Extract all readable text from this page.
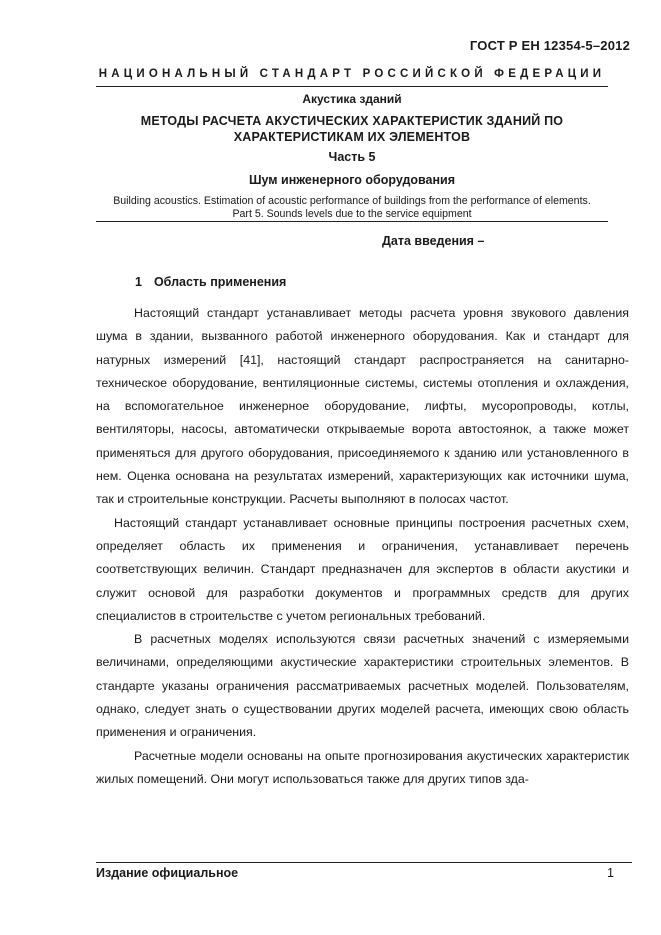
ГОСТ Р ЕН 12354-5–2012
НАЦИОНАЛЬНЫЙ СТАНДАРТ РОССИЙСКОЙ ФЕДЕРАЦИИ
Акустика зданий
МЕТОДЫ РАСЧЕТА АКУСТИЧЕСКИХ ХАРАКТЕРИСТИК ЗДАНИЙ ПО
ХАРАКТЕРИСТИКАМ ИХ ЭЛЕМЕНТОВ
Часть 5
Шум инженерного оборудования
Building acoustics. Estimation of acoustic performance of buildings from the performance of elements.
Part 5. Sounds levels due to the service equipment
Дата введения –
1 Область применения

Настоящий стандарт устанавливает методы расчета уровня звукового давления шума в здании, вызванного работой инженерного оборудования. Как и стандарт для натурных измерений [41], настоящий стандарт распространяется на санитарно-техническое оборудование, вентиляционные системы, системы отопления и охлаждения, на вспомогательное инженерное оборудование, лифты, мусоропроводы, котлы, вентиляторы, насосы, автоматически открываемые ворота автостоянок, а также может применяться для другого оборудования, присоединяемого к зданию или установленного в нем. Оценка основана на результатах измерений, характеризующих как источники шума, так и строительные конструкции. Расчеты выполняют в полосах частот.

Настоящий стандарт устанавливает основные принципы построения расчетных схем, определяет область их применения и ограничения, устанавливает перечень соответствующих величин. Стандарт предназначен для экспертов в области акустики и служит основой для разработки документов и программных средств для других специалистов в строительстве с учетом региональных требований.

В расчетных моделях используются связи расчетных значений с измеряемыми величинами, определяющими акустические характеристики строительных элементов. В стандарте указаны ограничения рассматриваемых расчетных моделей. Пользователям, однако, следует знать о существовании других моделей расчета, имеющих свою область применения и ограничения.

Расчетные модели основаны на опыте прогнозирования акустических характеристик жилых помещений. Они могут использоваться также для других типов зда-

Издание официальное	1
